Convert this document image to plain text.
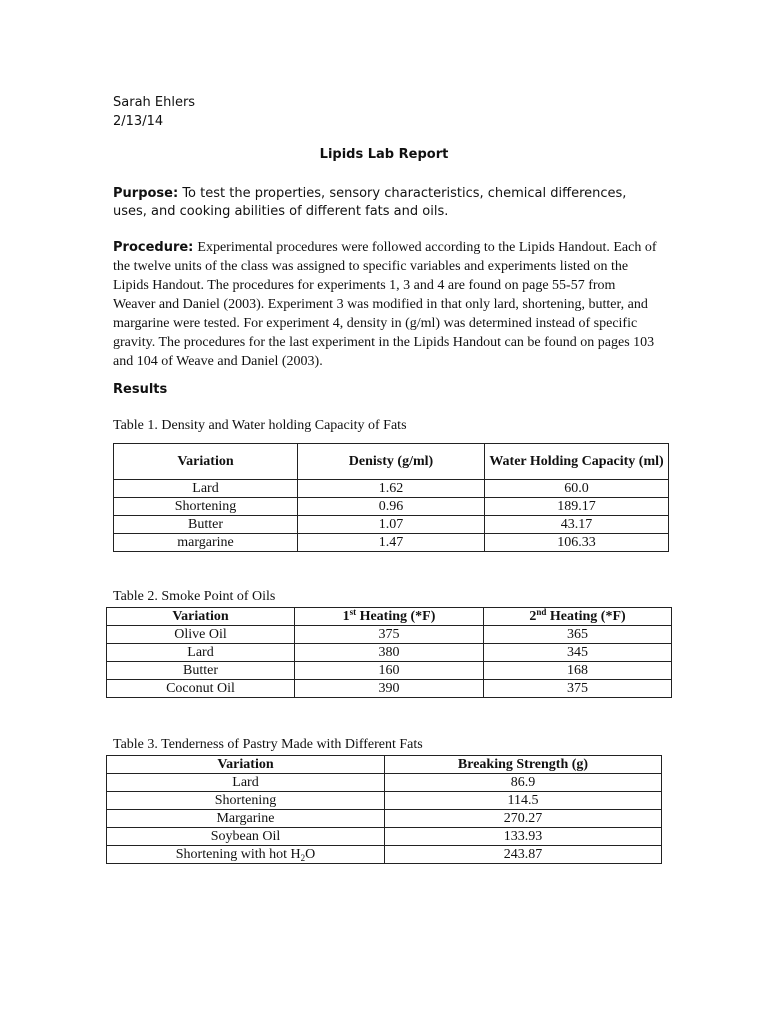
Sarah Ehlers
2/13/14
Lipids Lab Report
Purpose: To test the properties, sensory characteristics, chemical differences, uses, and cooking abilities of different fats and oils.
Procedure: Experimental procedures were followed according to the Lipids Handout. Each of the twelve units of the class was assigned to specific variables and experiments listed on the Lipids Handout. The procedures for experiments 1, 3 and 4 are found on page 55-57 from Weaver and Daniel (2003). Experiment 3 was modified in that only lard, shortening, butter, and margarine were tested. For experiment 4, density in (g/ml) was determined instead of specific gravity. The procedures for the last experiment in the Lipids Handout can be found on pages 103 and 104 of Weave and Daniel (2003).
Results
Table 1. Density and Water holding Capacity of Fats
Variation	Denisty (g/ml)	Water Holding Capacity (ml)
Lard	1.62	60.0
Shortening	0.96	189.17
Butter	1.07	43.17
margarine	1.47	106.33
Table 2. Smoke Point of Oils
Variation	1st Heating (*F)	2nd Heating (*F)
Olive Oil	375	365
Lard	380	345
Butter	160	168
Coconut Oil	390	375
Table 3. Tenderness of Pastry Made with Different Fats
Variation	Breaking Strength (g)
Lard	86.9
Shortening	114.5
Margarine	270.27
Soybean Oil	133.93
Shortening with hot H2O	243.87
